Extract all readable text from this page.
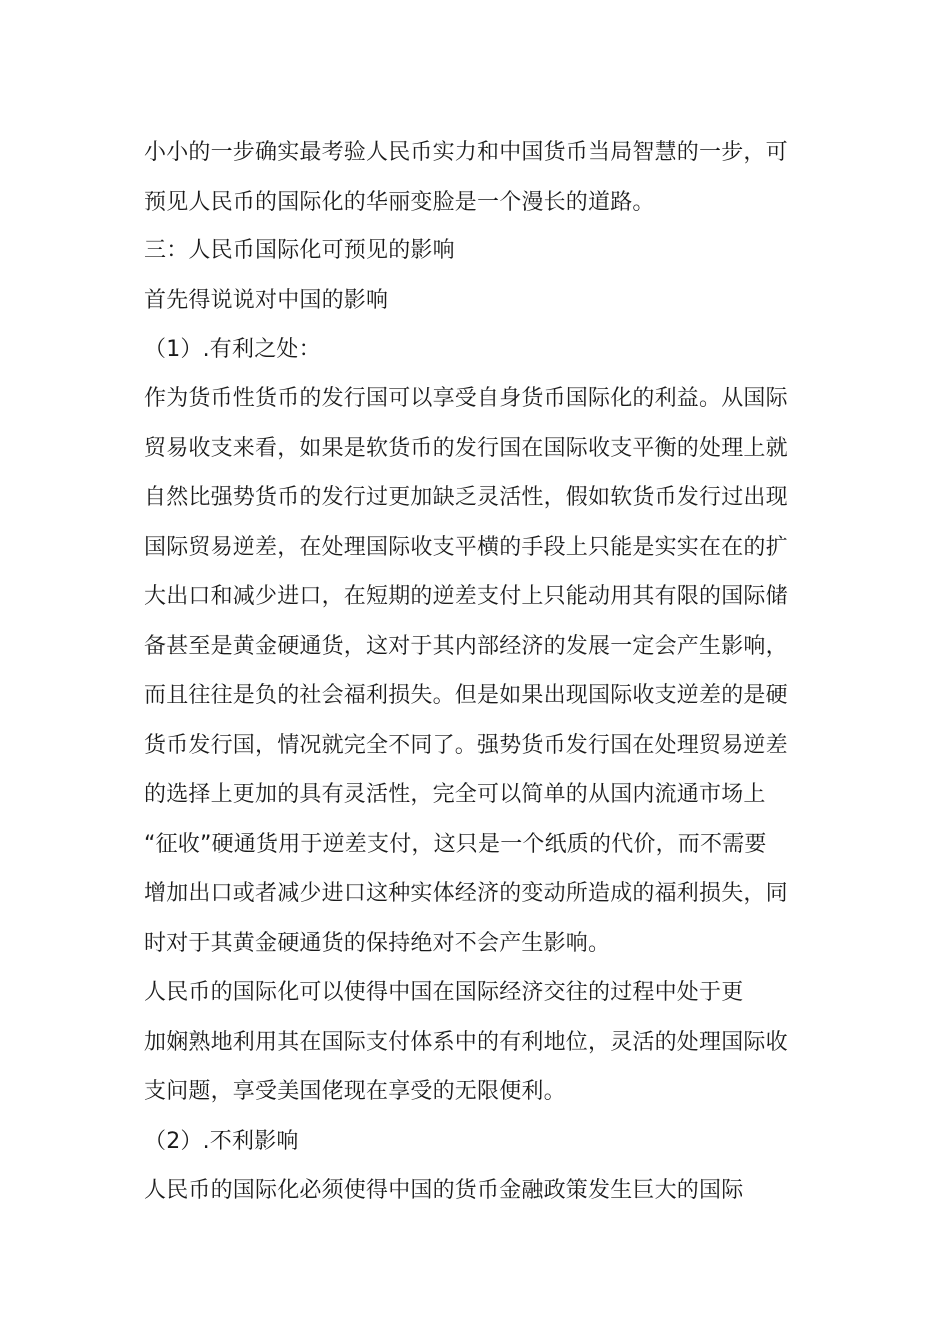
小小的一步确实最考验人民币实力和中国货币当局智慧的一步，可
预见人民币的国际化的华丽变脸是一个漫长的道路。
三：人民币国际化可预见的影响
首先得说说对中国的影响
（1）.有利之处：
作为货币性货币的发行国可以享受自身货币国际化的利益。从国际
贸易收支来看，如果是软货币的发行国在国际收支平衡的处理上就
自然比强势货币的发行过更加缺乏灵活性，假如软货币发行过出现
国际贸易逆差，在处理国际收支平横的手段上只能是实实在在的扩
大出口和减少进口，在短期的逆差支付上只能动用其有限的国际储
备甚至是黄金硬通货，这对于其内部经济的发展一定会产生影响，
而且往往是负的社会福利损失。但是如果出现国际收支逆差的是硬
货币发行国，情况就完全不同了。强势货币发行国在处理贸易逆差
的选择上更加的具有灵活性，完全可以简单的从国内流通市场上
“征收”硬通货用于逆差支付，这只是一个纸质的代价，而不需要
增加出口或者减少进口这种实体经济的变动所造成的福利损失，同
时对于其黄金硬通货的保持绝对不会产生影响。
人民币的国际化可以使得中国在国际经济交往的过程中处于更
加娴熟地利用其在国际支付体系中的有利地位，灵活的处理国际收
支问题，享受美国佬现在享受的无限便利。
（2）.不利影响
人民币的国际化必须使得中国的货币金融政策发生巨大的国际
